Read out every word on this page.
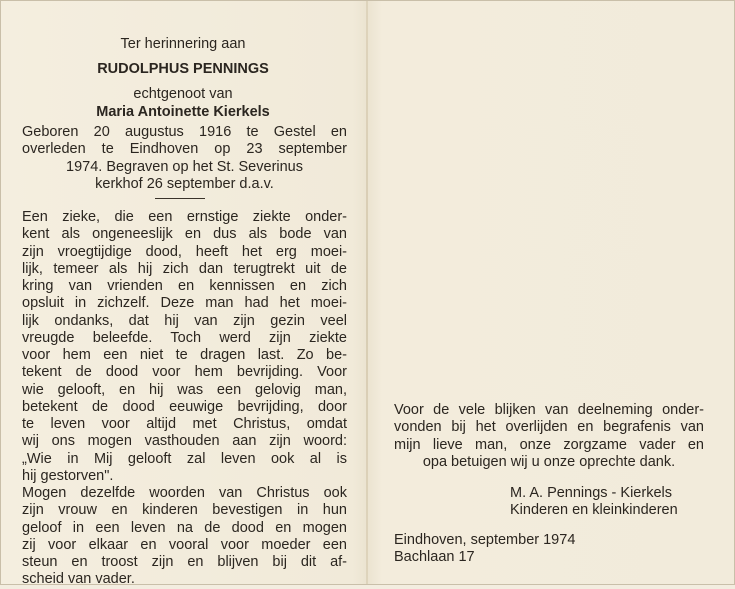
Ter herinnering aan
RUDOLPHUS PENNINGS
echtgenoot van
Maria Antoinette Kierkels
Geboren 20 augustus 1916 te Gestel en
overleden te Eindhoven op 23 september
1974. Begraven op het St. Severinus
kerkhof 26 september d.a.v.
Een zieke, die een ernstige ziekte onder-
kent als ongeneeslijk en dus als bode van
zijn vroegtijdige dood, heeft het erg moei-
lijk, temeer als hij zich dan terugtrekt uit de
kring van vrienden en kennissen en zich
opsluit in zichzelf. Deze man had het moei-
lijk ondanks, dat hij van zijn gezin veel
vreugde beleefde. Toch werd zijn ziekte
voor hem een niet te dragen last. Zo be-
tekent de dood voor hem bevrijding. Voor
wie gelooft, en hij was een gelovig man,
betekent de dood eeuwige bevrijding, door
te leven voor altijd met Christus, omdat
wij ons mogen vasthouden aan zijn woord:
„Wie in Mij gelooft zal leven ook al is
hij gestorven".
Mogen dezelfde woorden van Christus ook
zijn vrouw en kinderen bevestigen in hun
geloof in een leven na de dood en mogen
zij voor elkaar en vooral voor moeder een
steun en troost zijn en blijven bij dit af-
scheid van vader.
Voor de vele blijken van deelneming onder-
vonden bij het overlijden en begrafenis van
mijn lieve man, onze zorgzame vader en
opa betuigen wij u onze oprechte dank.
M. A. Pennings - Kierkels
Kinderen en kleinkinderen
Eindhoven, september 1974
Bachlaan 17
